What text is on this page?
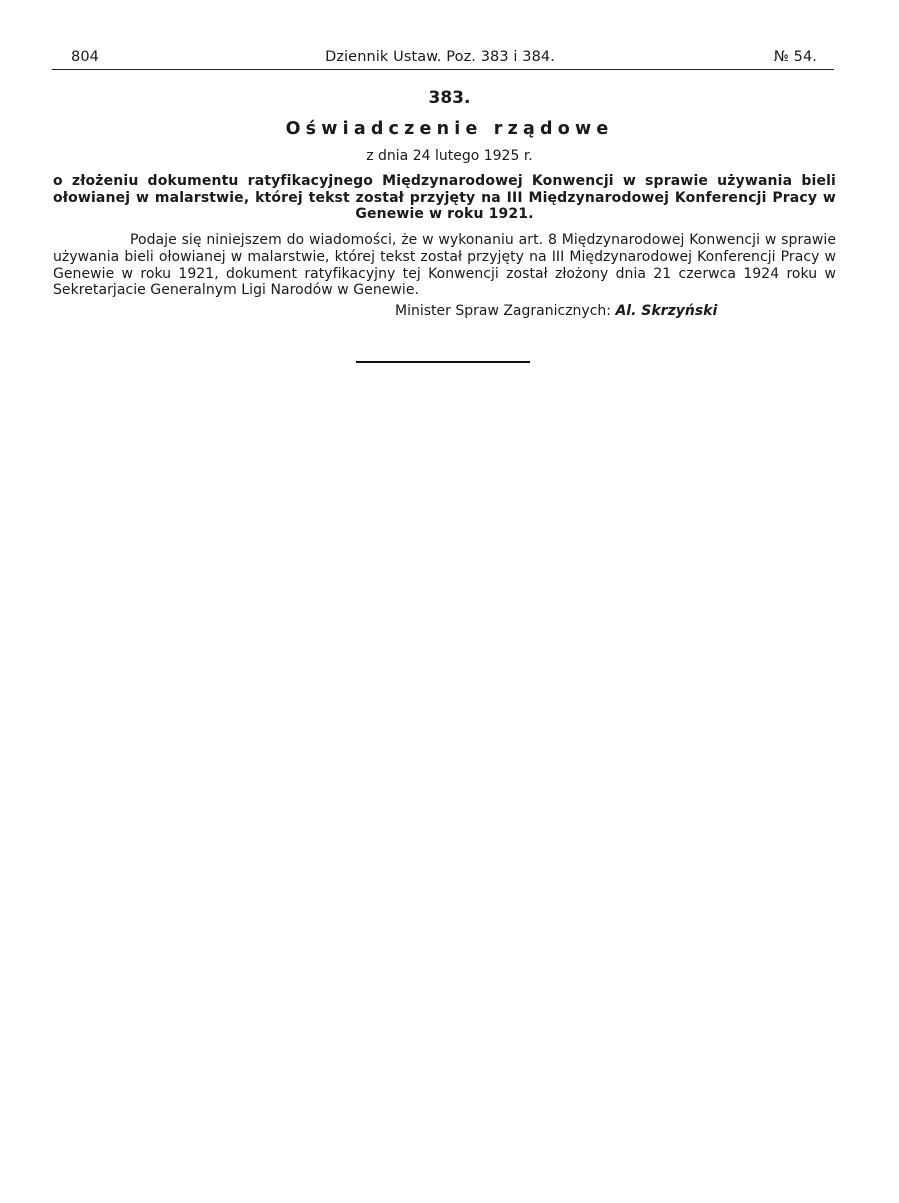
804	Dziennik Ustaw. Poz. 383 i 384.	№ 54.
383.
Oświadczenie rządowe
z dnia 24 lutego 1925 r.
o złożeniu dokumentu ratyfikacyjnego Międzynarodowej Konwencji w sprawie używania bieli ołowianej w malarstwie, której tekst został przyjęty na III Międzynarodowej Konferencji Pracy w Genewie w roku 1921.
Podaje się niniejszem do wiadomości, że w wykonaniu art. 8 Międzynarodowej Konwencji w sprawie używania bieli ołowianej w malarstwie, której tekst został przyjęty na III Międzynarodowej Konferencji Pracy w Genewie w roku 1921, dokument ratyfikacyjny tej Konwencji został złożony dnia 21 czerwca 1924 roku w Sekretarjacie Generalnym Ligi Narodów w Genewie.
Minister Spraw Zagranicznych: Al. Skrzyński
